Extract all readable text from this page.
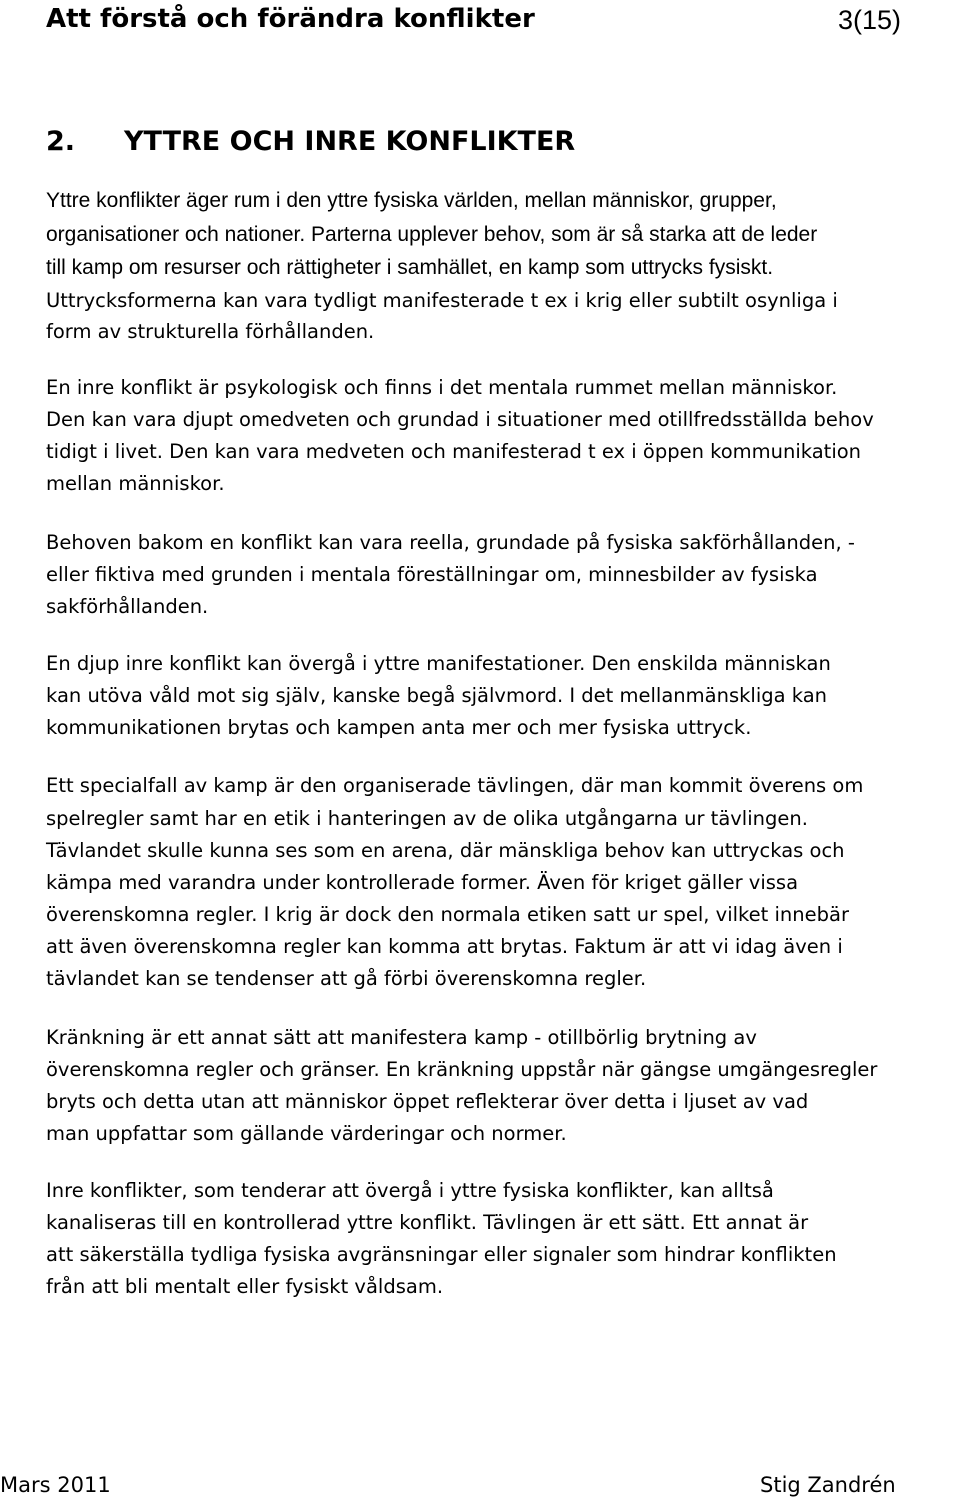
Att förstå och förändra konflikter	3(15)
2. YTTRE OCH INRE KONFLIKTER
Yttre konflikter äger rum i den yttre fysiska världen, mellan människor, grupper,
organisationer och nationer. Parterna upplever behov, som är så starka att de leder
till kamp om resurser och rättigheter i samhället, en kamp som uttrycks fysiskt.
Uttrycksformerna kan vara tydligt manifesterade t ex i krig eller subtilt osynliga i
form av strukturella förhållanden.
En inre konflikt är psykologisk och finns i det mentala rummet mellan människor.
Den kan vara djupt omedveten och grundad i situationer med otillfredsställda behov
tidigt i livet. Den kan vara medveten och manifesterad t ex i öppen kommunikation
mellan människor.
Behoven bakom en konflikt kan vara reella, grundade på fysiska sakförhållanden, -
eller fiktiva med grunden i mentala föreställningar om, minnesbilder av fysiska
sakförhållanden.
En djup inre konflikt kan övergå i yttre manifestationer. Den enskilda människan
kan utöva våld mot sig själv, kanske begå självmord. I det mellanmänskliga kan
kommunikationen brytas och kampen anta mer och mer fysiska uttryck.
Ett specialfall av kamp är den organiserade tävlingen, där man kommit överens om
spelregler samt har en etik i hanteringen av de olika utgångarna ur tävlingen.
Tävlandet skulle kunna ses som en arena, där mänskliga behov kan uttryckas och
kämpa med varandra under kontrollerade former. Även för kriget gäller vissa
överenskomna regler. I krig är dock den normala etiken satt ur spel, vilket innebär
att även överenskomna regler kan komma att brytas. Faktum är att vi idag även i
tävlandet kan se tendenser att gå förbi överenskomna regler.
Kränkning är ett annat sätt att manifestera kamp - otillbörlig brytning av
överenskomna regler och gränser. En kränkning uppstår när gängse umgängesregler
bryts och detta utan att människor öppet reflekterar över detta i ljuset av vad
man uppfattar som gällande värderingar och normer.
Inre konflikter, som tenderar att övergå i yttre fysiska konflikter, kan alltså
kanaliseras till en kontrollerad yttre konflikt. Tävlingen är ett sätt. Ett annat är
att säkerställa tydliga fysiska avgränsningar eller signaler som hindrar konflikten
från att bli mentalt eller fysiskt våldsam.
Mars 2011	Stig Zandrén
